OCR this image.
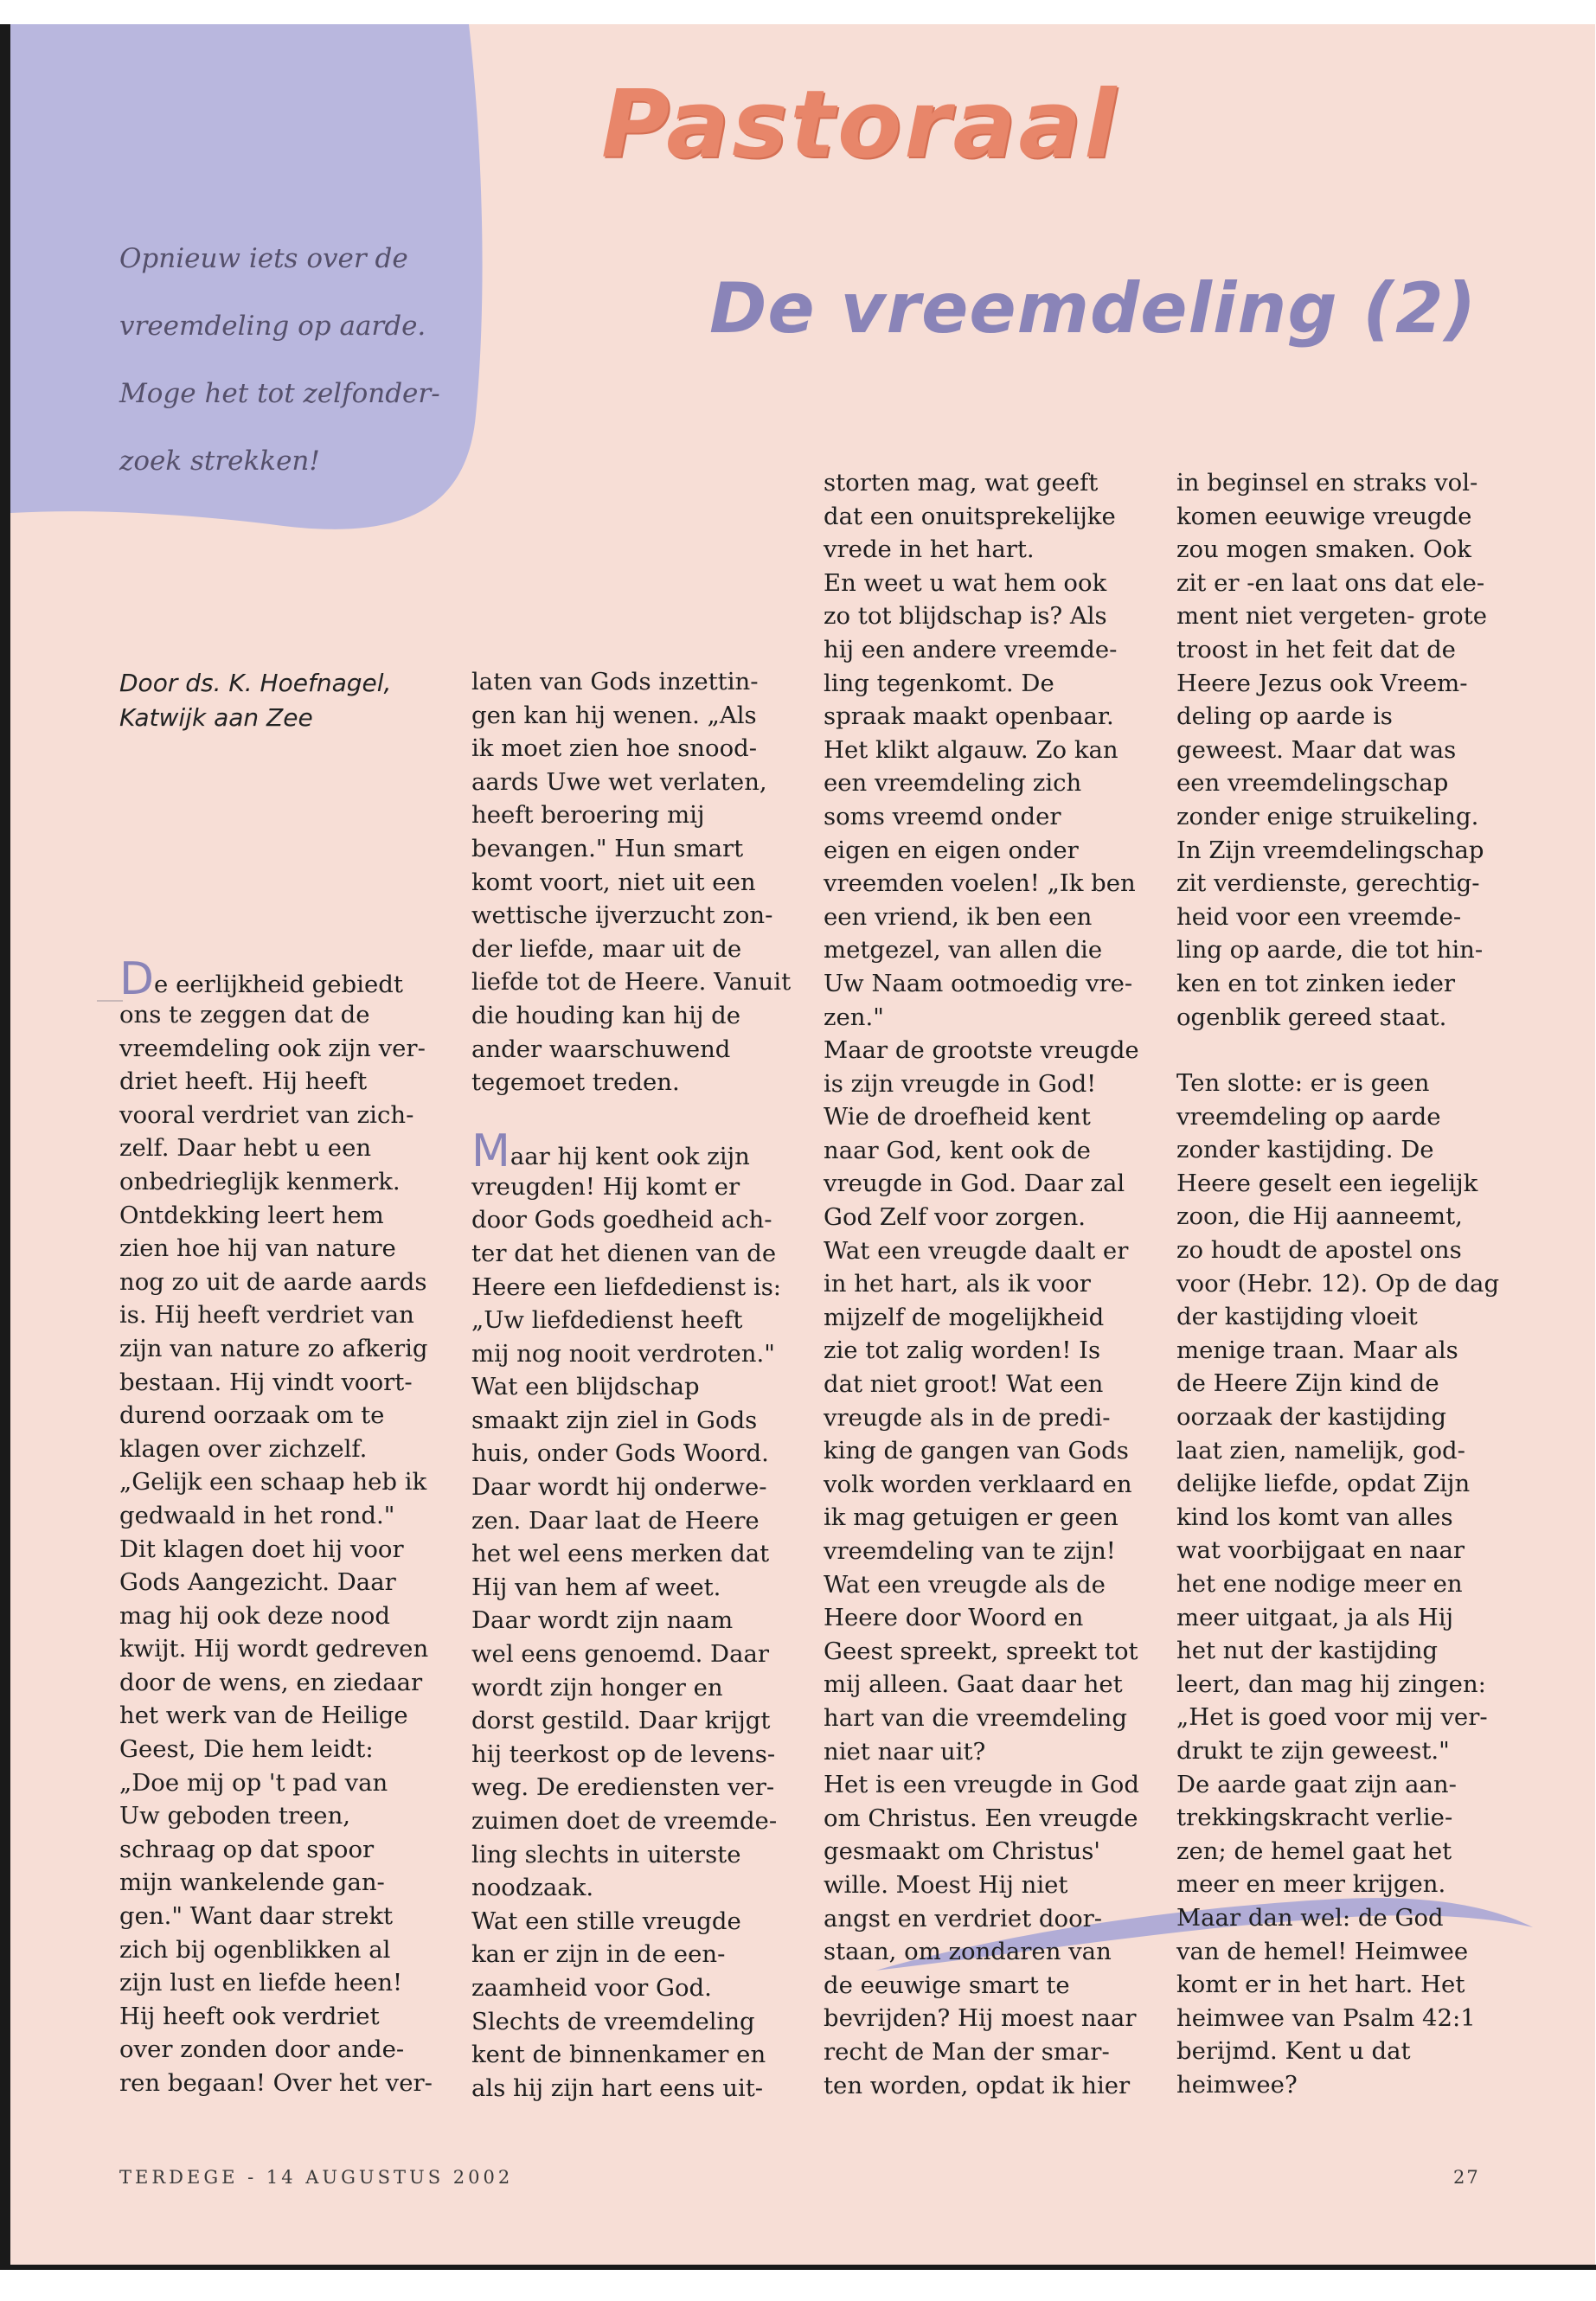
Pastoraal
De vreemdeling (2)
Opnieuw iets over de
vreemdeling op aarde.
Moge het tot zelfonder-
zoek strekken!
Door ds. K. Hoefnagel,
Katwijk aan Zee
De eerlijkheid gebiedt
ons te zeggen dat de
vreemdeling ook zijn ver-
driet heeft. Hij heeft
vooral verdriet van zich-
zelf. Daar hebt u een
onbedrieglijk kenmerk.
Ontdekking leert hem
zien hoe hij van nature
nog zo uit de aarde aards
is. Hij heeft verdriet van
zijn van nature zo afkerig
bestaan. Hij vindt voort-
durend oorzaak om te
klagen over zichzelf.
„Gelijk een schaap heb ik
gedwaald in het rond."
Dit klagen doet hij voor
Gods Aangezicht. Daar
mag hij ook deze nood
kwijt. Hij wordt gedreven
door de wens, en ziedaar
het werk van de Heilige
Geest, Die hem leidt:
„Doe mij op 't pad van
Uw geboden treen,
schraag op dat spoor
mijn wankelende gan-
gen." Want daar strekt
zich bij ogenblikken al
zijn lust en liefde heen!
Hij heeft ook verdriet
over zonden door ande-
ren begaan! Over het ver-
laten van Gods inzettin-
gen kan hij wenen. „Als
ik moet zien hoe snood-
aards Uwe wet verlaten,
heeft beroering mij
bevangen." Hun smart
komt voort, niet uit een
wettische ijverzucht zon-
der liefde, maar uit de
liefde tot de Heere. Vanuit
die houding kan hij de
ander waarschuwend
tegemoet treden.
Maar hij kent ook zijn
vreugden! Hij komt er
door Gods goedheid ach-
ter dat het dienen van de
Heere een liefdedienst is:
„Uw liefdedienst heeft
mij nog nooit verdroten."
Wat een blijdschap
smaakt zijn ziel in Gods
huis, onder Gods Woord.
Daar wordt hij onderwe-
zen. Daar laat de Heere
het wel eens merken dat
Hij van hem af weet.
Daar wordt zijn naam
wel eens genoemd. Daar
wordt zijn honger en
dorst gestild. Daar krijgt
hij teerkost op de levens-
weg. De erediensten ver-
zuimen doet de vreemde-
ling slechts in uiterste
noodzaak.
Wat een stille vreugde
kan er zijn in de een-
zaamheid voor God.
Slechts de vreemdeling
kent de binnenkamer en
als hij zijn hart eens uit-
storten mag, wat geeft
dat een onuitsprekelijke
vrede in het hart.
En weet u wat hem ook
zo tot blijdschap is? Als
hij een andere vreemde-
ling tegenkomt. De
spraak maakt openbaar.
Het klikt algauw. Zo kan
een vreemdeling zich
soms vreemd onder
eigen en eigen onder
vreemden voelen! „Ik ben
een vriend, ik ben een
metgezel, van allen die
Uw Naam ootmoedig vre-
zen."
Maar de grootste vreugde
is zijn vreugde in God!
Wie de droefheid kent
naar God, kent ook de
vreugde in God. Daar zal
God Zelf voor zorgen.
Wat een vreugde daalt er
in het hart, als ik voor
mijzelf de mogelijkheid
zie tot zalig worden! Is
dat niet groot! Wat een
vreugde als in de predi-
king de gangen van Gods
volk worden verklaard en
ik mag getuigen er geen
vreemdeling van te zijn!
Wat een vreugde als de
Heere door Woord en
Geest spreekt, spreekt tot
mij alleen. Gaat daar het
hart van die vreemdeling
niet naar uit?
Het is een vreugde in God
om Christus. Een vreugde
gesmaakt om Christus'
wille. Moest Hij niet
angst en verdriet door-
staan, om zondaren van
de eeuwige smart te
bevrijden? Hij moest naar
recht de Man der smar-
ten worden, opdat ik hier
in beginsel en straks vol-
komen eeuwige vreugde
zou mogen smaken. Ook
zit er -en laat ons dat ele-
ment niet vergeten- grote
troost in het feit dat de
Heere Jezus ook Vreem-
deling op aarde is
geweest. Maar dat was
een vreemdelingschap
zonder enige struikeling.
In Zijn vreemdelingschap
zit verdienste, gerechtig-
heid voor een vreemde-
ling op aarde, die tot hin-
ken en tot zinken ieder
ogenblik gereed staat.
Ten slotte: er is geen
vreemdeling op aarde
zonder kastijding. De
Heere geselt een iegelijk
zoon, die Hij aanneemt,
zo houdt de apostel ons
voor (Hebr. 12). Op de dag
der kastijding vloeit
menige traan. Maar als
de Heere Zijn kind de
oorzaak der kastijding
laat zien, namelijk, god-
delijke liefde, opdat Zijn
kind los komt van alles
wat voorbijgaat en naar
het ene nodige meer en
meer uitgaat, ja als Hij
het nut der kastijding
leert, dan mag hij zingen:
„Het is goed voor mij ver-
drukt te zijn geweest."
De aarde gaat zijn aan-
trekkingskracht verlie-
zen; de hemel gaat het
meer en meer krijgen.
Maar dan wel: de God
van de hemel! Heimwee
komt er in het hart. Het
heimwee van Psalm 42:1
berijmd. Kent u dat
heimwee?
TERDEGE - 14 AUGUSTUS 2002	27
